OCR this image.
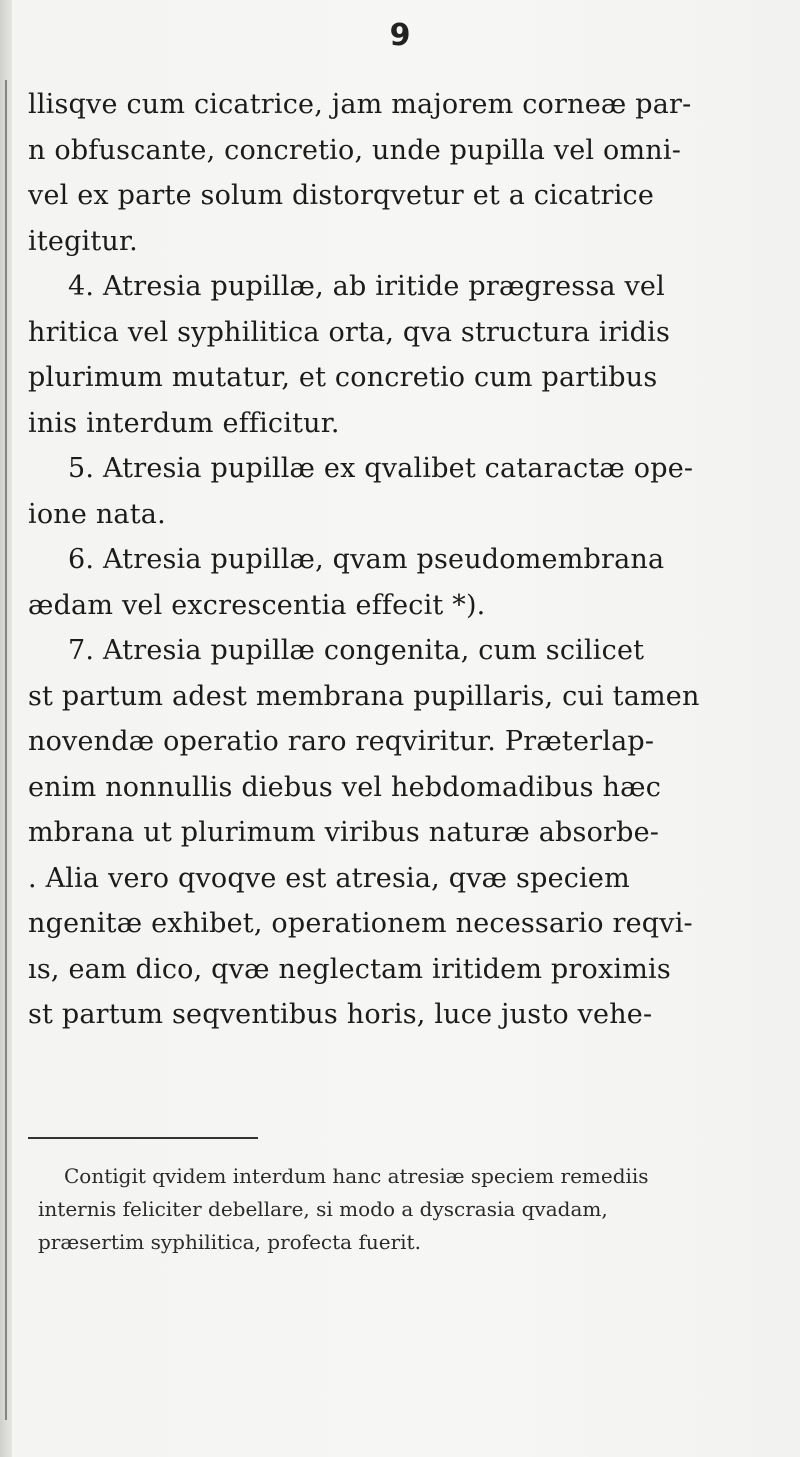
9
llisqve cum cicatrice, jam majorem corneæ par-
n obfuscante, concretio, unde pupilla vel omni-
vel ex parte solum distorqvetur et a cicatrice
itegitur.
4. Atresia pupillæ, ab iritide prægressa vel
hritica vel syphilitica orta, qva structura iridis
plurimum mutatur, et concretio cum partibus
inis interdum efficitur.
5. Atresia pupillæ ex qvalibet cataractæ ope-
ione nata.
6. Atresia pupillæ, qvam pseudomembrana
ædam vel excrescentia effecit *).
7. Atresia pupillæ congenita, cum scilicet
st partum adest membrana pupillaris, cui tamen
novendæ operatio raro reqviritur. Præterlap-
enim nonnullis diebus vel hebdomadibus hæc
mbrana ut plurimum viribus naturæ absorbe-
. Alia vero qvoqve est atresia, qvæ speciem
ngenitæ exhibet, operationem necessario reqvi-
ıs, eam dico, qvæ neglectam iritidem proximis
st partum seqventibus horis, luce justo vehe-
Contigit qvidem interdum hanc atresiæ speciem remediis
internis feliciter debellare, si modo a dyscrasia qvadam,
præsertim syphilitica, profecta fuerit.
